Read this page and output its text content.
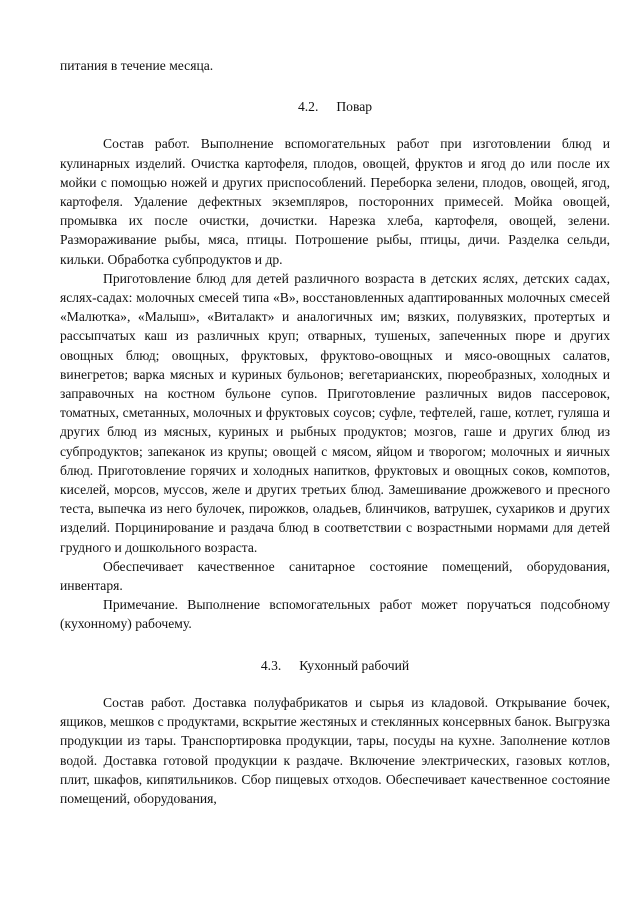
питания в течение месяца.

4.2. Повар

Состав работ. Выполнение вспомогательных работ при изготовлении блюд и кулинарных изделий. Очистка картофеля, плодов, овощей, фруктов и ягод до или после их мойки с помощью ножей и других приспособлений. Переборка зелени, плодов, овощей, ягод, картофеля. Удаление дефектных экземпляров, посторонних примесей. Мойка овощей, промывка их после очистки, дочистки. Нарезка хлеба, картофеля, овощей, зелени. Размораживание рыбы, мяса, птицы. Потрошение рыбы, птицы, дичи. Разделка сельди, кильки. Обработка субпродуктов и др.

Приготовление блюд для детей различного возраста в детских яслях, детских садах, яслях-садах: молочных смесей типа «В», восстановленных адаптированных молочных смесей «Малютка», «Малыш», «Виталакт» и аналогичных им; вязких, полувязких, протертых и рассыпчатых каш из различных круп; отварных, тушеных, запеченных пюре и других овощных блюд; овощных, фруктовых, фруктово-овощных и мясо-овощных салатов, винегретов; варка мясных и куриных бульонов; вегетарианских, пюреобразных, холодных и заправочных на костном бульоне супов. Приготовление различных видов пассеровок, томатных, сметанных, молочных и фруктовых соусов; суфле, тефтелей, гаше, котлет, гуляша и других блюд из мясных, куриных и рыбных продуктов; мозгов, гаше и других блюд из субпродуктов; запеканок из крупы; овощей с мясом, яйцом и творогом; молочных и яичных блюд. Приготовление горячих и холодных напитков, фруктовых и овощных соков, компотов, киселей, морсов, муссов, желе и других третьих блюд. Замешивание дрожжевого и пресного теста, выпечка из него булочек, пирожков, оладьев, блинчиков, ватрушек, сухариков и других изделий. Порцинирование и раздача блюд в соответствии с возрастными нормами для детей грудного и дошкольного возраста.

Обеспечивает качественное санитарное состояние помещений, оборудования, инвентаря.

Примечание. Выполнение вспомогательных работ может поручаться подсобному (кухонному) рабочему.

4.3. Кухонный рабочий

Состав работ. Доставка полуфабрикатов и сырья из кладовой. Открывание бочек, ящиков, мешков с продуктами, вскрытие жестяных и стеклянных консервных банок. Выгрузка продукции из тары. Транспортировка продукции, тары, посуды на кухне. Заполнение котлов водой. Доставка готовой продукции к раздаче. Включение электрических, газовых котлов, плит, шкафов, кипятильников. Сбор пищевых отходов. Обеспечивает качественное состояние помещений, оборудования,
